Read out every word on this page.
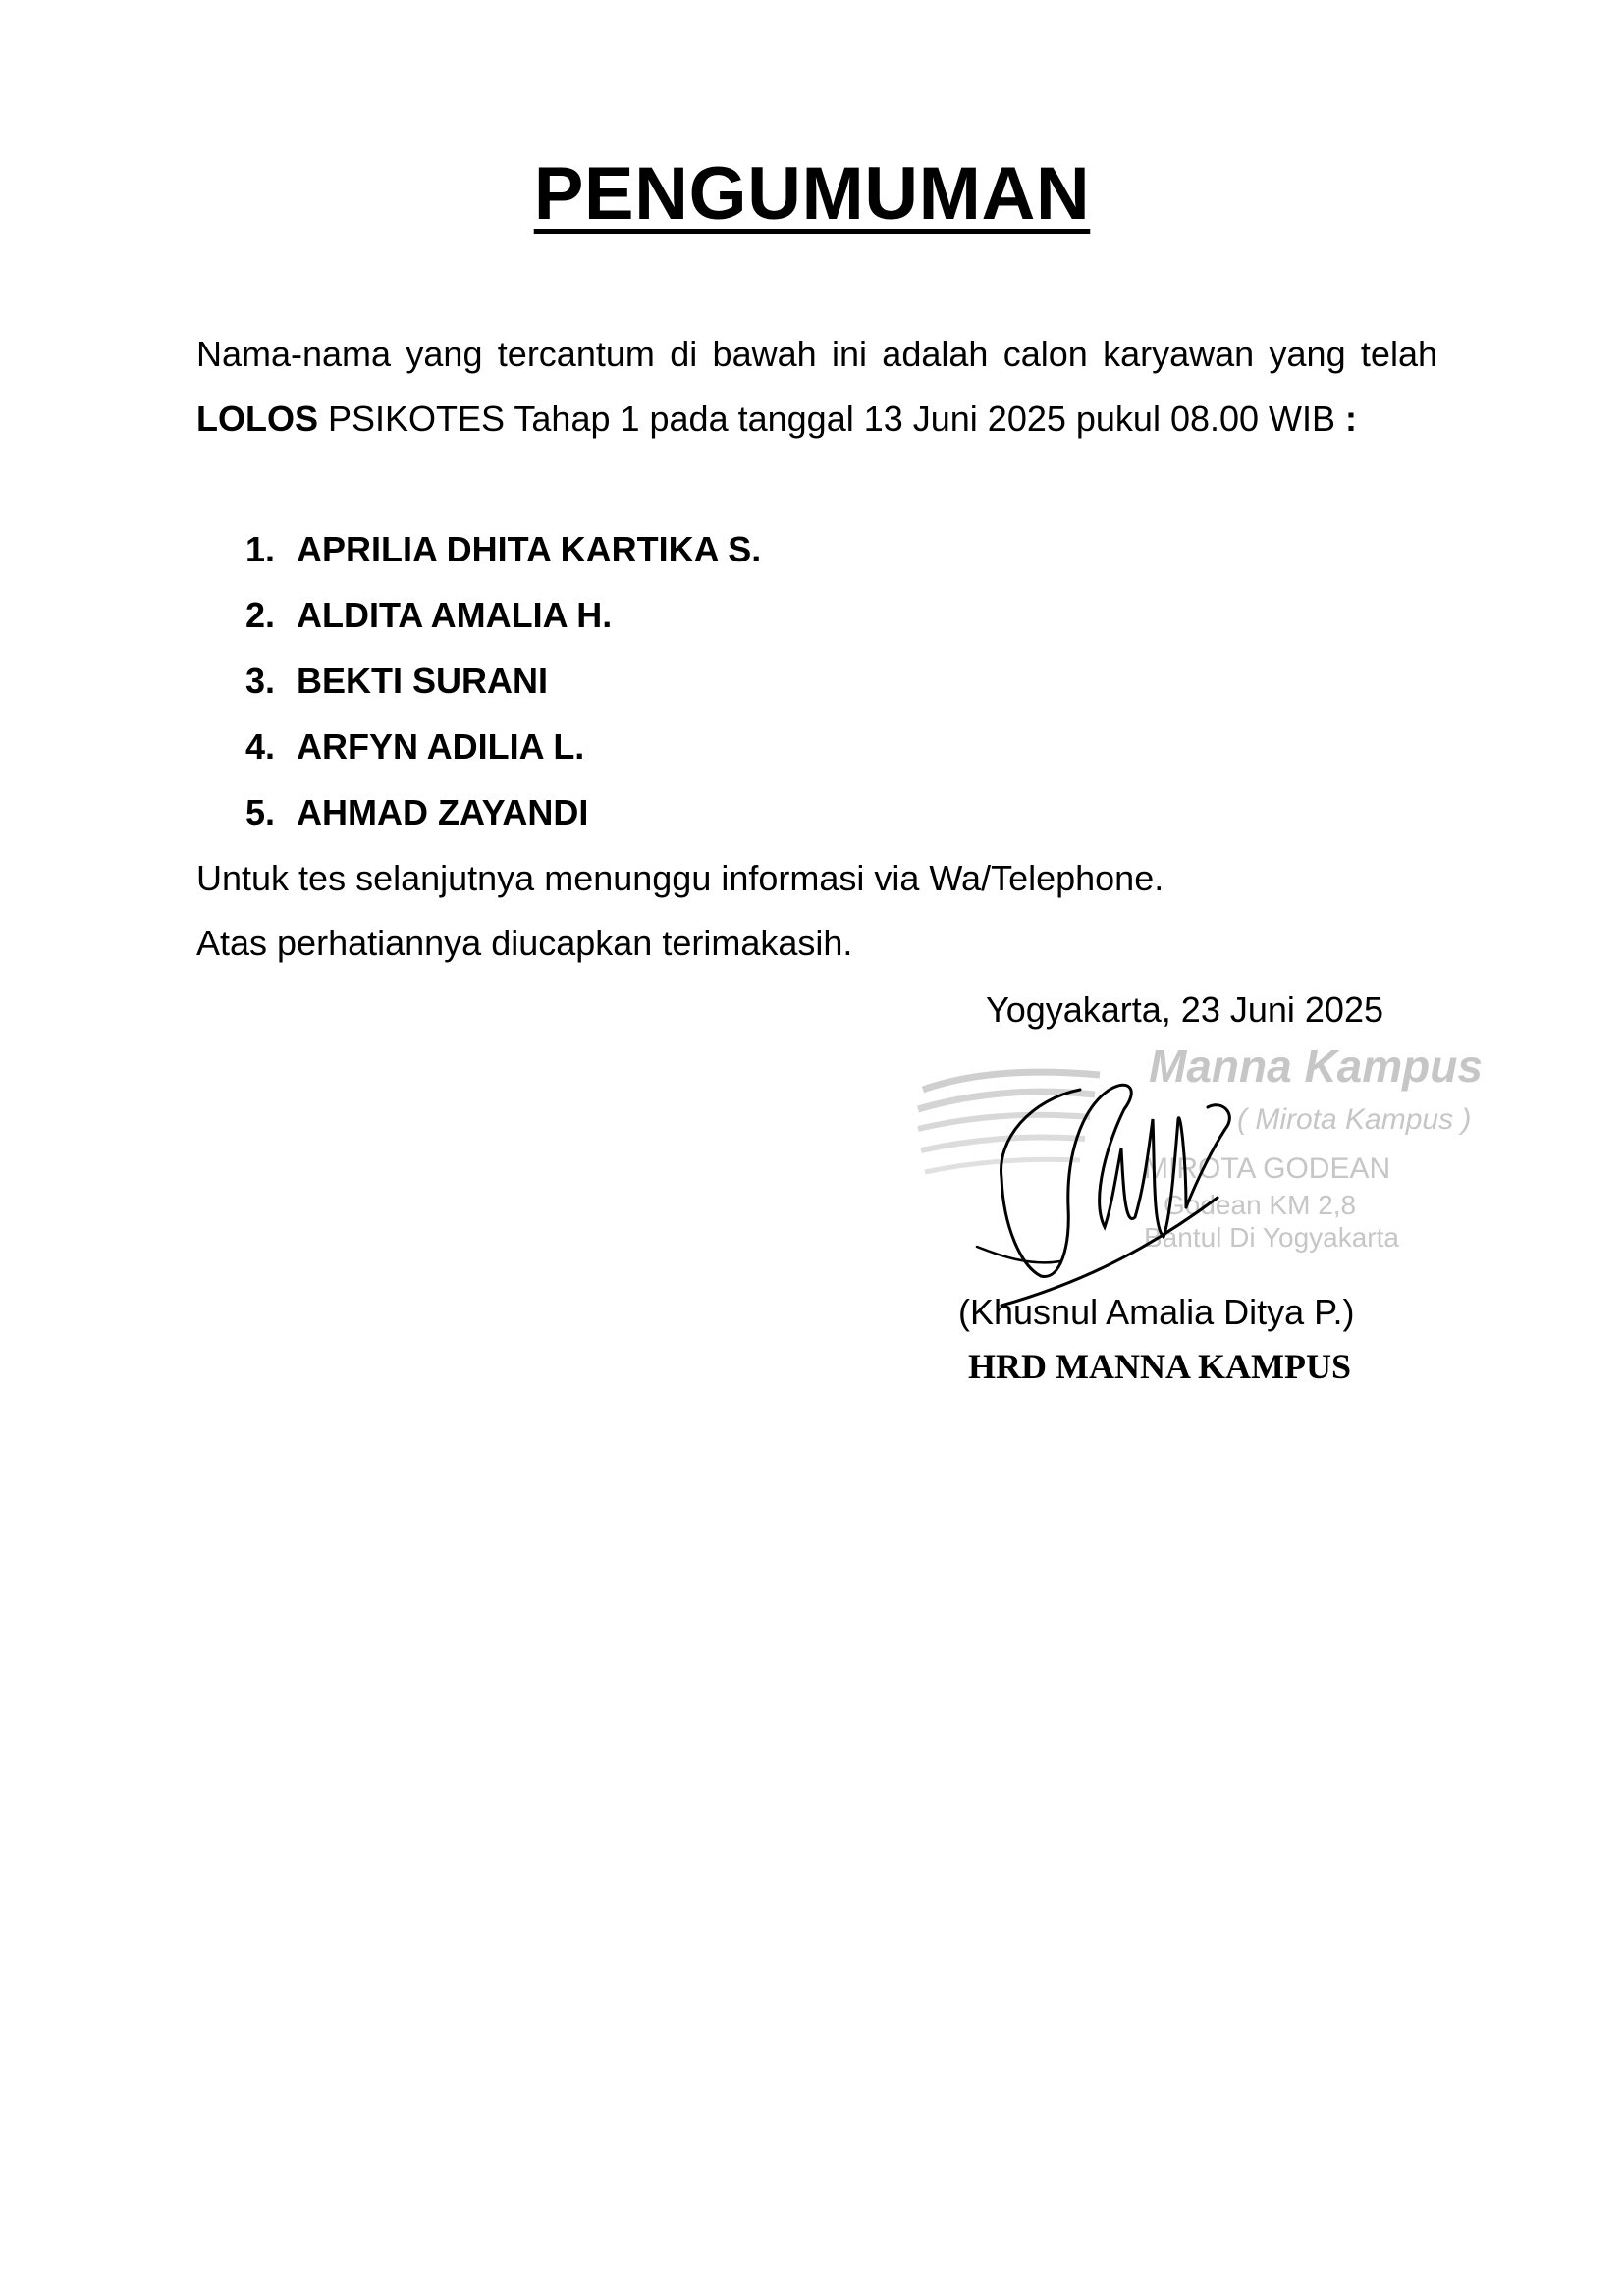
PENGUMUMAN
Nama-nama yang tercantum di bawah ini adalah calon karyawan yang telah LOLOS PSIKOTES Tahap 1 pada tanggal 13 Juni 2025 pukul 08.00 WIB :
1. APRILIA DHITA KARTIKA S.
2. ALDITA AMALIA H.
3. BEKTI SURANI
4. ARFYN ADILIA L.
5. AHMAD ZAYANDI
Untuk tes selanjutnya menunggu informasi via Wa/Telephone.
Atas perhatiannya diucapkan terimakasih.
Yogyakarta, 23 Juni 2025
Manna Kampus
( Mirota Kampus )
MIROTA GODEAN
Godean KM 2,8
Bantul Di Yogyakarta
(Khusnul Amalia Ditya P.)
HRD MANNA KAMPUS
